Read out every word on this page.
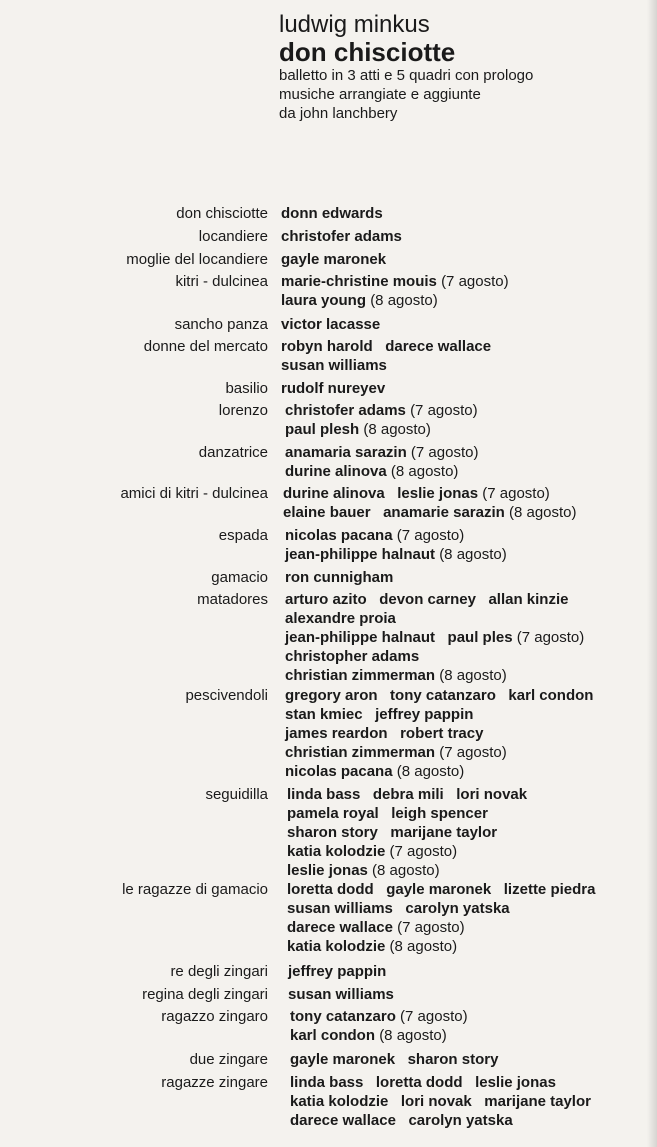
ludwig minkus
don chisciotte
balletto in 3 atti e 5 quadri con prologo
musiche arrangiate e aggiunte
da john lanchbery
don chisciotte donn edwards
locandiere christofer adams
moglie del locandiere gayle maronek
kitri - dulcinea marie-christine mouis (7 agosto)
laura young (8 agosto)
sancho panza victor lacasse
donne del mercato robyn harold darece wallace
susan williams
basilio rudolf nureyev
lorenzo christofer adams (7 agosto)
paul plesh (8 agosto)
danzatrice anamaria sarazin (7 agosto)
durine alinova (8 agosto)
amici di kitri - dulcinea durine alinova leslie jonas (7 agosto)
elaine bauer anamarie sarazin (8 agosto)
espada nicolas pacana (7 agosto)
jean-philippe halnaut (8 agosto)
gamacio ron cunnigham
matadores arturo azito devon carney allan kinzie
alexandre proia
jean-philippe halnaut paul ples (7 agosto)
christopher adams
christian zimmerman (8 agosto)
pescivendoli gregory aron tony catanzaro karl condon
stan kmiec jeffrey pappin
james reardon robert tracy
christian zimmerman (7 agosto)
nicolas pacana (8 agosto)
seguidilla linda bass debra mili lori novak
pamela royal leigh spencer
sharon story marijane taylor
katia kolodzie (7 agosto)
leslie jonas (8 agosto)
le ragazze di gamacio loretta dodd gayle maronek lizette piedra
susan williams carolyn yatska
darece wallace (7 agosto)
katia kolodzie (8 agosto)
re degli zingari jeffrey pappin
regina degli zingari susan williams
ragazzo zingaro tony catanzaro (7 agosto)
karl condon (8 agosto)
due zingare gayle maronek sharon story
ragazze zingare linda bass loretta dodd leslie jonas
katia kolodzie lori novak marijane taylor
darece wallace carolyn yatska
